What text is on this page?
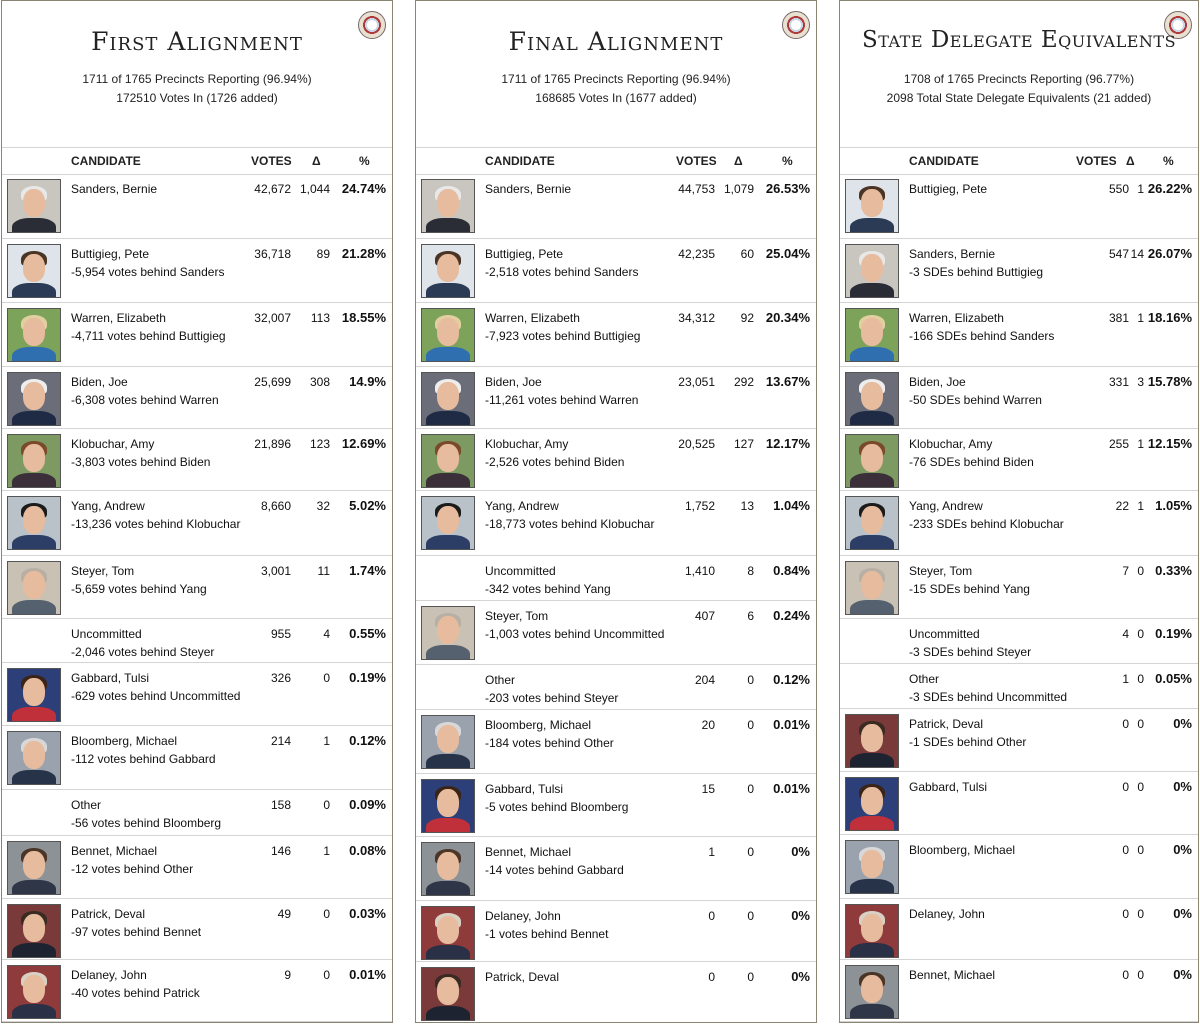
First Alignment
1711 of 1765 Precincts Reporting (96.94%)
172510 Votes In (1726 added)
CANDIDATE	VOTES Δ	%
Sanders, Bernie	42,672 1,044 24.74%
Buttigieg, Pete
-5,954 votes behind Sanders
36,718 89 21.28%
Warren, Elizabeth
-4,711 votes behind Buttigieg
32,007 113 18.55%
Biden, Joe
-6,308 votes behind Warren
25,699 308 14.9%
Klobuchar, Amy
-3,803 votes behind Biden
21,896 123 12.69%
Yang, Andrew
-13,236 votes behind Klobuchar
8,660 32 5.02%
Steyer, Tom
-5,659 votes behind Yang
3,001 11 1.74%
Uncommitted
-2,046 votes behind Steyer
955	4 0.55%
Gabbard, Tulsi
-629 votes behind Uncommitted
326	0 0.19%
Bloomberg, Michael
-112 votes behind Gabbard
214	1 0.12%
Other
-56 votes behind Bloomberg
158	0 0.09%
Bennet, Michael
-12 votes behind Other
146	1 0.08%
Patrick, Deval
-97 votes behind Bennet
49	0 0.03%
Delaney, John
-40 votes behind Patrick
9	0 0.01%
Final Alignment
1711 of 1765 Precincts Reporting (96.94%)
168685 Votes In (1677 added)
CANDIDATE	VOTES Δ	%
Sanders, Bernie	44,753 1,079 26.53%
Buttigieg, Pete
-2,518 votes behind Sanders
42,235 60 25.04%
Warren, Elizabeth
-7,923 votes behind Buttigieg
34,312 92 20.34%
Biden, Joe
-11,261 votes behind Warren
23,051 292 13.67%
Klobuchar, Amy
-2,526 votes behind Biden
20,525 127 12.17%
Yang, Andrew
-18,773 votes behind Klobuchar
1,752 13 1.04%
Uncommitted
-342 votes behind Yang
1,410	8 0.84%
Steyer, Tom
-1,003 votes behind Uncommitted
407	6 0.24%
Other
-203 votes behind Steyer
204	0 0.12%
Bloomberg, Michael
-184 votes behind Other
20	0 0.01%
Gabbard, Tulsi
-5 votes behind Bloomberg
15	0 0.01%
Bennet, Michael
-14 votes behind Gabbard
1	0	0%
Delaney, John
-1 votes behind Bennet
0	0	0%
Patrick, Deval	0	0	0%
State Delegate Equivalents
1708 of 1765 Precincts Reporting (96.77%)
2098 Total State Delegate Equivalents (21 added)
CANDIDATE	VOTES Δ %
Buttigieg, Pete	550 1 26.22%
Sanders, Bernie
-3 SDEs behind Buttigieg
547 14 26.07%
Warren, Elizabeth
-166 SDEs behind Sanders
381 1 18.16%
Biden, Joe
-50 SDEs behind Warren
331 3 15.78%
Klobuchar, Amy
-76 SDEs behind Biden
255 1 12.15%
Yang, Andrew
-233 SDEs behind Klobuchar
22 1 1.05%
Steyer, Tom
-15 SDEs behind Yang
7 0 0.33%
Uncommitted
-3 SDEs behind Steyer
4 0 0.19%
Other
-3 SDEs behind Uncommitted
1 0 0.05%
Patrick, Deval
-1 SDEs behind Other
0 0 0%
Gabbard, Tulsi	0 0 0%
Bloomberg, Michael	0 0 0%
Delaney, John	0 0 0%
Bennet, Michael	0 0 0%
